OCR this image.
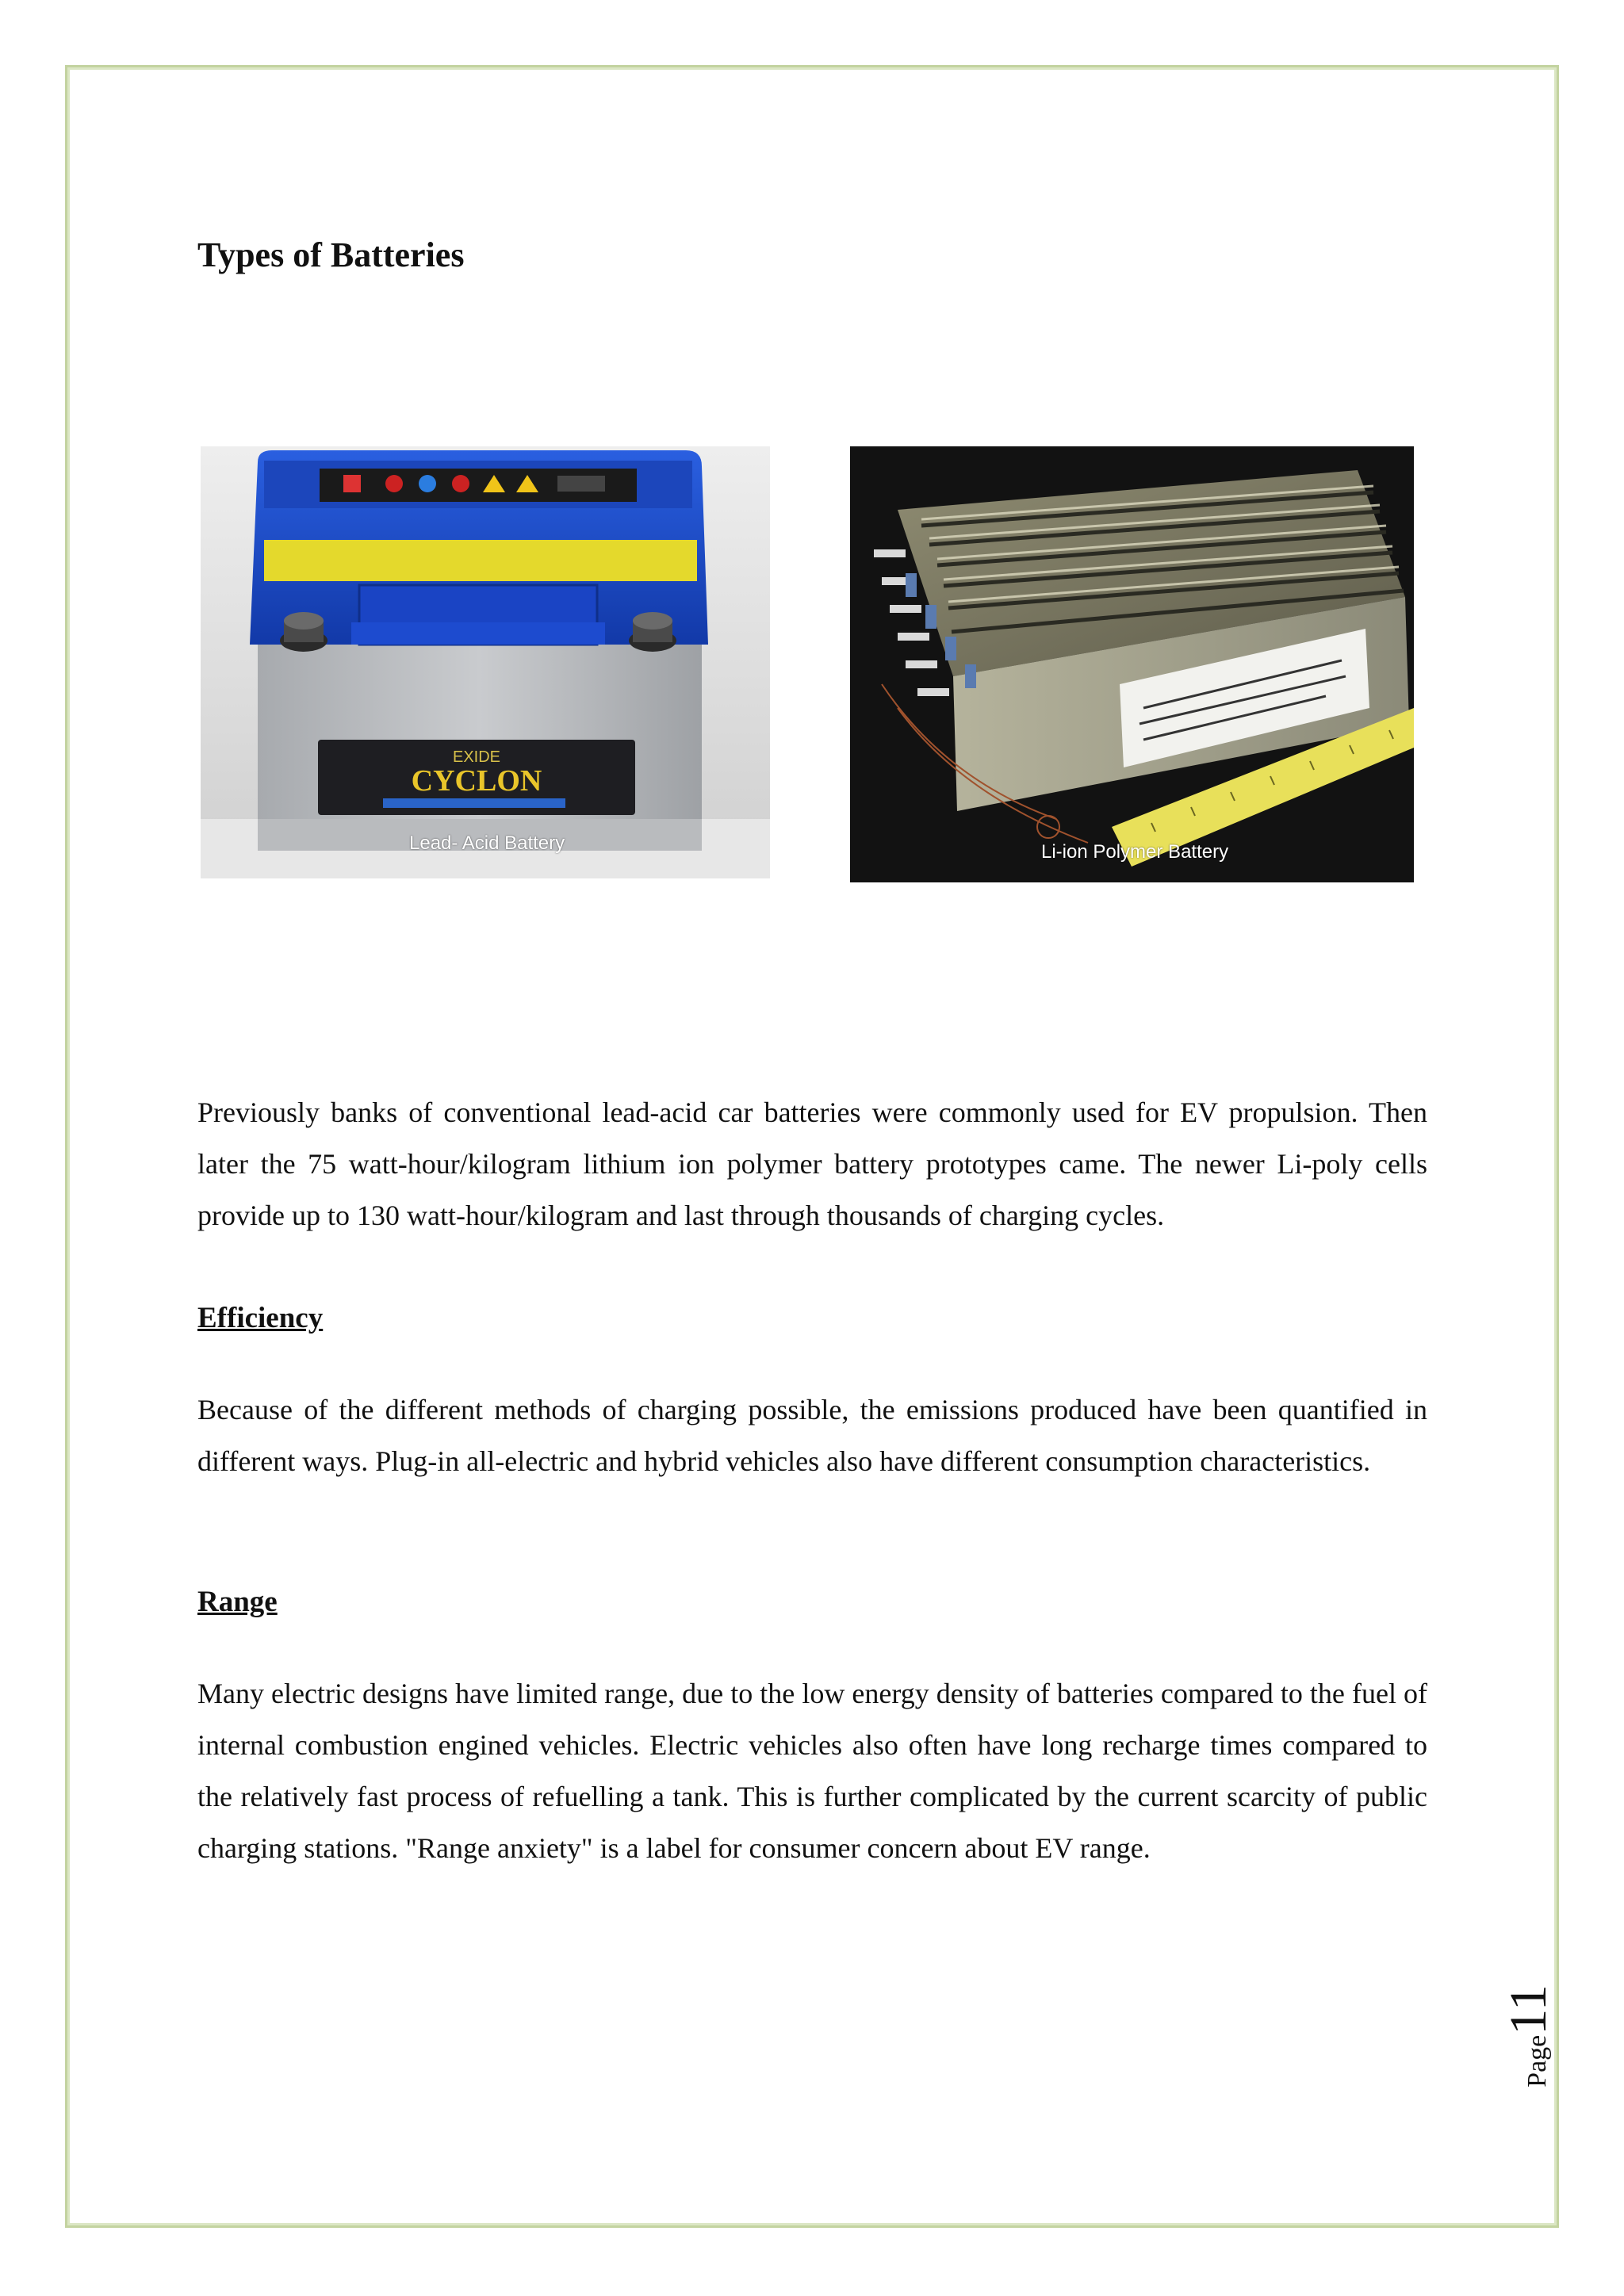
Types of Batteries
EXIDE
CYCLON
Lead- Acid Battery	Li-ion Polymer Battery

Previously banks of conventional lead-acid car batteries were commonly used for EV propulsion. Then later the 75 watt-hour/kilogram lithium ion polymer battery prototypes came. The newer Li-poly cells provide up to 130 watt-hour/kilogram and last through thousands of charging cycles.

Efficiency

Because of the different methods of charging possible, the emissions produced have been quantified in different ways. Plug-in all-electric and hybrid vehicles also have different consumption characteristics.

Range

Many electric designs have limited range, due to the low energy density of batteries compared to the fuel of internal combustion engined vehicles. Electric vehicles also often have long recharge times compared to the relatively fast process of refuelling a tank. This is further complicated by the current scarcity of public charging stations. "Range anxiety" is a label for consumer concern about EV range.

Page11
